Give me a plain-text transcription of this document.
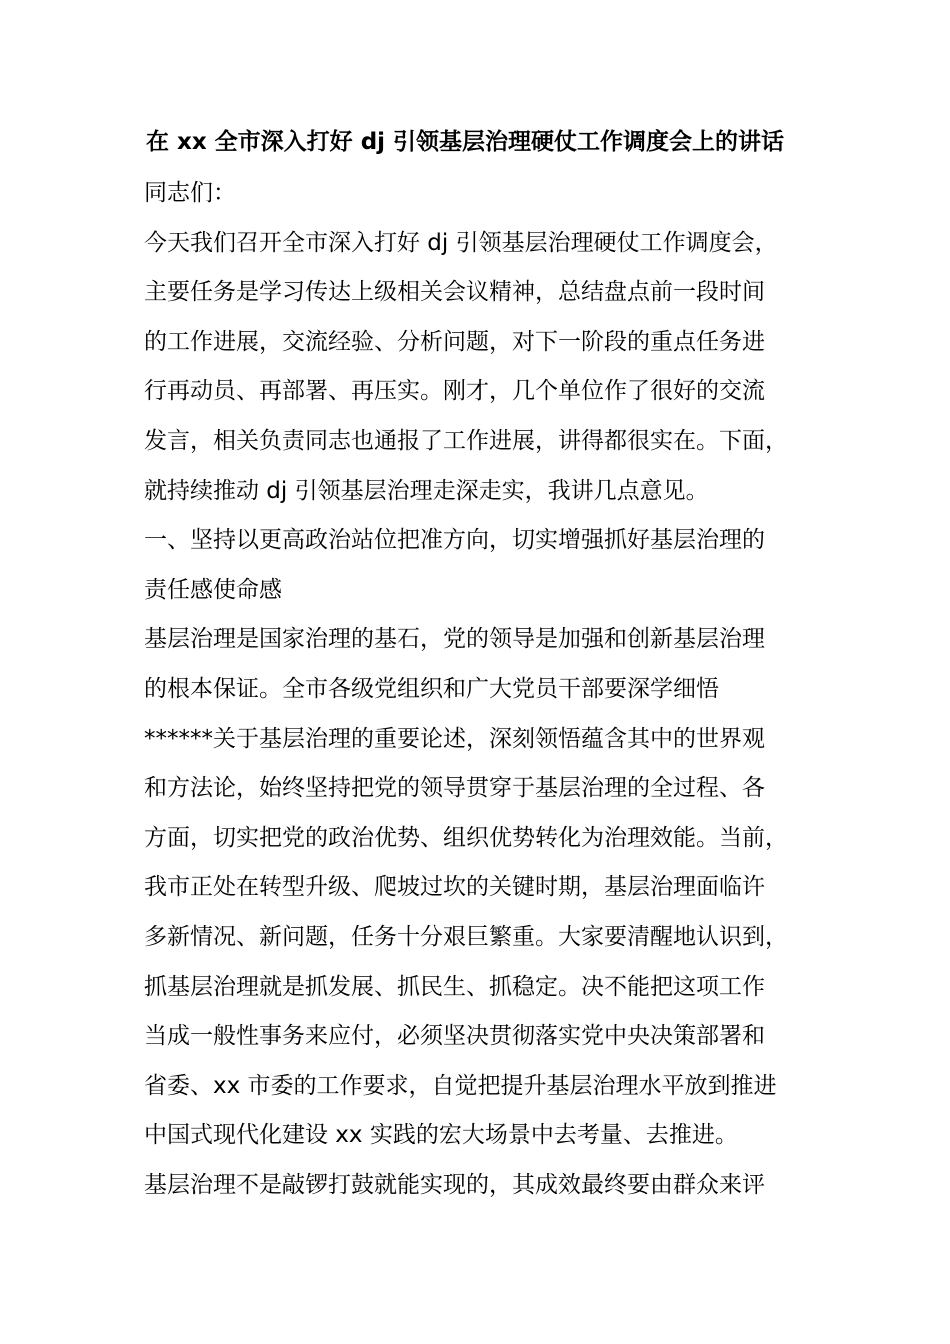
在 xx 全市深入打好 dj 引领基层治理硬仗工作调度会上的讲话
同志们：
今天我们召开全市深入打好 dj 引领基层治理硬仗工作调度会，
主要任务是学习传达上级相关会议精神，总结盘点前一段时间
的工作进展，交流经验、分析问题，对下一阶段的重点任务进
行再动员、再部署、再压实。刚才，几个单位作了很好的交流
发言，相关负责同志也通报了工作进展，讲得都很实在。下面，
就持续推动 dj 引领基层治理走深走实，我讲几点意见。
一、坚持以更高政治站位把准方向，切实增强抓好基层治理的
责任感使命感
基层治理是国家治理的基石，党的领导是加强和创新基层治理
的根本保证。全市各级党组织和广大党员干部要深学细悟
******关于基层治理的重要论述，深刻领悟蕴含其中的世界观
和方法论，始终坚持把党的领导贯穿于基层治理的全过程、各
方面，切实把党的政治优势、组织优势转化为治理效能。当前，
我市正处在转型升级、爬坡过坎的关键时期，基层治理面临许
多新情况、新问题，任务十分艰巨繁重。大家要清醒地认识到，
抓基层治理就是抓发展、抓民生、抓稳定。决不能把这项工作
当成一般性事务来应付，必须坚决贯彻落实党中央决策部署和
省委、xx 市委的工作要求，自觉把提升基层治理水平放到推进
中国式现代化建设 xx 实践的宏大场景中去考量、去推进。
基层治理不是敲锣打鼓就能实现的，其成效最终要由群众来评
